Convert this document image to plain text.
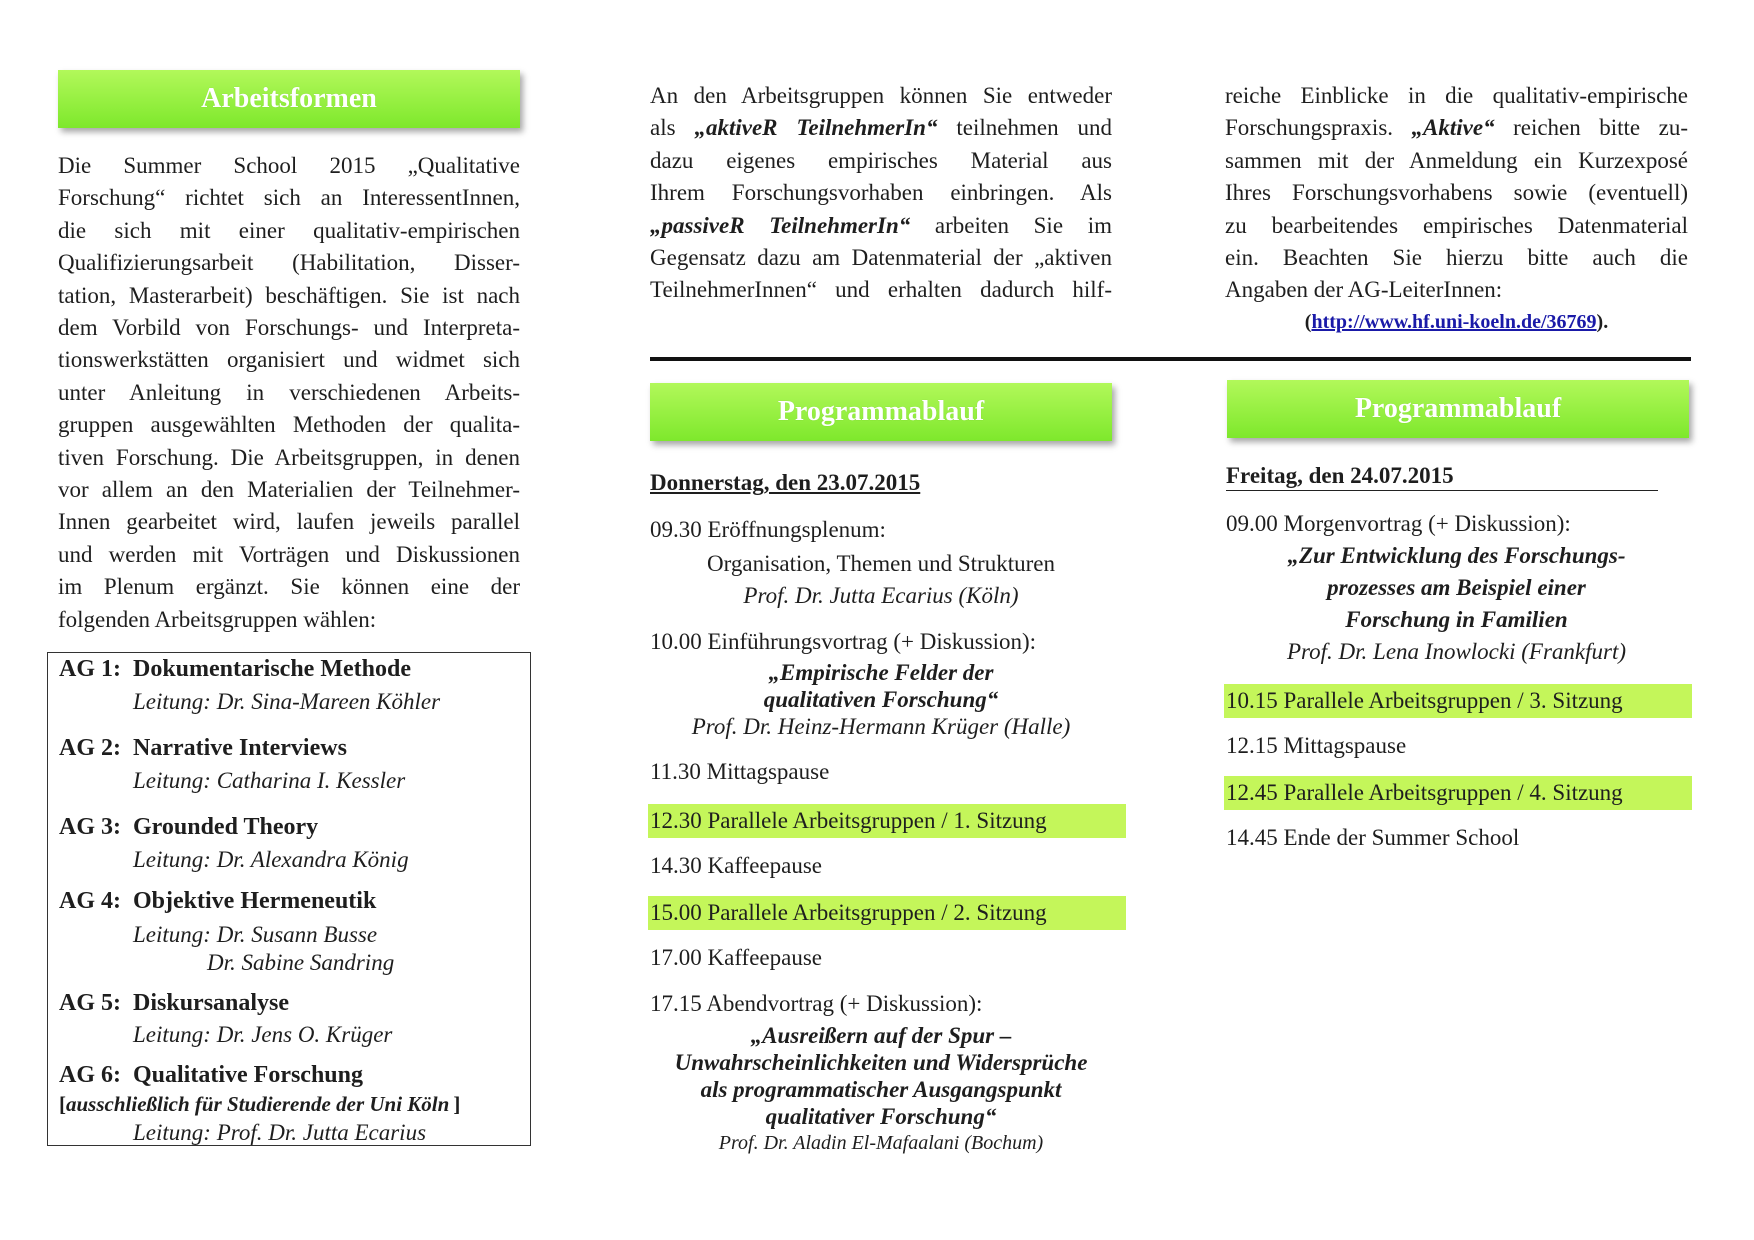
Arbeitsformen
Die Summer School 2015 „Qualitative
Forschung“ richtet sich an InteressentInnen,
die sich mit einer qualitativ-empirischen
Qualifizierungsarbeit (Habilitation, Disser-
tation, Masterarbeit) beschäftigen. Sie ist nach
dem Vorbild von Forschungs- und Interpreta-
tionswerkstätten organisiert und widmet sich
unter Anleitung in verschiedenen Arbeits-
gruppen ausgewählten Methoden der qualita-
tiven Forschung. Die Arbeitsgruppen, in denen
vor allem an den Materialien der Teilnehmer-
Innen gearbeitet wird, laufen jeweils parallel
und werden mit Vorträgen und Diskussionen
im Plenum ergänzt. Sie können eine der
folgenden Arbeitsgruppen wählen:
AG 1: Dokumentarische Methode
Leitung: Dr. Sina-Mareen Köhler
AG 2: Narrative Interviews
Leitung: Catharina I. Kessler
AG 3: Grounded Theory
Leitung: Dr. Alexandra König
AG 4: Objektive Hermeneutik
Leitung: Dr. Susann Busse
Dr. Sabine Sandring
AG 5: Diskursanalyse
Leitung: Dr. Jens O. Krüger
AG 6: Qualitative Forschung
[ausschließlich für Studierende der Uni Köln ]
Leitung: Prof. Dr. Jutta Ecarius
An den Arbeitsgruppen können Sie entweder
als „aktiveR TeilnehmerIn“ teilnehmen und
dazu eigenes empirisches Material aus
Ihrem Forschungsvorhaben einbringen. Als
„passiveR TeilnehmerIn“ arbeiten Sie im
Gegensatz dazu am Datenmaterial der „aktiven
TeilnehmerInnen“ und erhalten dadurch hilf-
Programmablauf
Donnerstag, den 23.07.2015
09.30 Eröffnungsplenum:
Organisation, Themen und Strukturen
Prof. Dr. Jutta Ecarius (Köln)
10.00 Einführungsvortrag (+ Diskussion):
„Empirische Felder der
qualitativen Forschung“
Prof. Dr. Heinz-Hermann Krüger (Halle)
11.30 Mittagspause
12.30 Parallele Arbeitsgruppen / 1. Sitzung
14.30 Kaffeepause
15.00 Parallele Arbeitsgruppen / 2. Sitzung
17.00 Kaffeepause
17.15 Abendvortrag (+ Diskussion):
„Ausreißern auf der Spur –
Unwahrscheinlichkeiten und Widersprüche
als programmatischer Ausgangspunkt
qualitativer Forschung“
Prof. Dr. Aladin El-Mafaalani (Bochum)
reiche Einblicke in die qualitativ-empirische
Forschungspraxis. „Aktive“ reichen bitte zu-
sammen mit der Anmeldung ein Kurzexposé
Ihres Forschungsvorhabens sowie (eventuell)
zu bearbeitendes empirisches Datenmaterial
ein. Beachten Sie hierzu bitte auch die
Angaben der AG-LeiterInnen:
(http://www.hf.uni-koeln.de/36769).
Programmablauf
Freitag, den 24.07.2015
09.00 Morgenvortrag (+ Diskussion):
„Zur Entwicklung des Forschungs-
prozesses am Beispiel einer
Forschung in Familien
Prof. Dr. Lena Inowlocki (Frankfurt)
10.15 Parallele Arbeitsgruppen / 3. Sitzung
12.15 Mittagspause
12.45 Parallele Arbeitsgruppen / 4. Sitzung
14.45 Ende der Summer School
